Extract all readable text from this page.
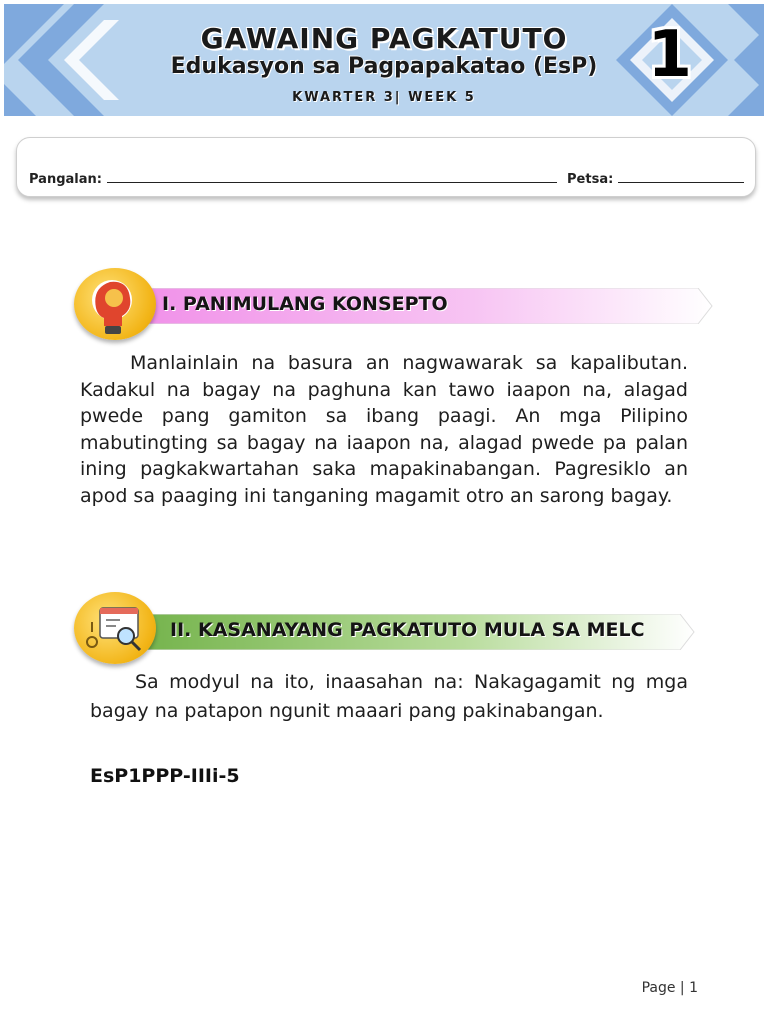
GAWAING PAGKATUTO
Edukasyon sa Pagpapakatao (EsP)
KWARTER 3| WEEK 5
1
Pangalan:	Petsa:
I. PANIMULANG KONSEPTO
Manlainlain na basura an nagwawarak sa kapalibutan. Kadakul na bagay na paghuna kan tawo iaapon na, alagad pwede pang gamiton sa ibang paagi. An mga Pilipino mabutingting sa bagay na iaapon na, alagad pwede pa palan ining pagkakwartahan saka mapakinabangan. Pagresiklo an apod sa paaging ini tanganing magamit otro an sarong bagay.
II. KASANAYANG PAGKATUTO MULA SA MELC
Sa modyul na ito, inaasahan na: Nakagagamit ng mga bagay na patapon ngunit maaari pang pakinabangan.
EsP1PPP-IIIi-5
Page | 1
